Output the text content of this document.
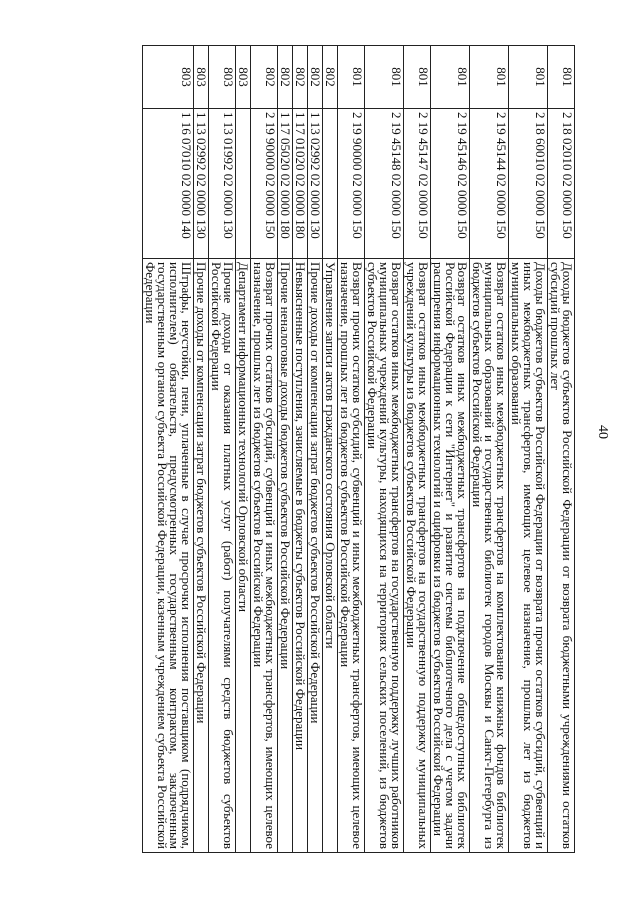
40
801	2 18 02010 02 0000 150	Доходы бюджетов субъектов Российской Федерации от возврата бюджетными учреждениями остатков субсидий прошлых лет
801	2 18 60010 02 0000 150	Доходы бюджетов субъектов Российской Федерации от возврата прочих остатков субсидий, субвенций и иных межбюджетных трансфертов, имеющих целевое назначение, прошлых лет из бюджетов муниципальных образований
801	2 19 45144 02 0000 150	Возврат остатков иных межбюджетных трансфертов на комплектование книжных фондов библиотек муниципальных образований и государственных библиотек городов Москвы и Санкт-Петербурга из бюджетов субъектов Российской Федерации
801	2 19 45146 02 0000 150	Возврат остатков иных межбюджетных трансфертов на подключение общедоступных библиотек Российской Федерации к сети "Интернет" и развитие системы библиотечного дела с учетом задачи расширения информационных технологий и оцифровки из бюджетов субъектов Российской Федерации
801	2 19 45147 02 0000 150	Возврат остатков иных межбюджетных трансфертов на государственную поддержку муниципальных учреждений культуры из бюджетов субъектов Российской Федерации
801	2 19 45148 02 0000 150	Возврат остатков иных межбюджетных трансфертов на государственную поддержку лучших работников муниципальных учреждений культуры, находящихся на территориях сельских поселений, из бюджетов субъектов Российской Федерации
801	2 19 90000 02 0000 150	Возврат прочих остатков субсидий, субвенций и иных межбюджетных трансфертов, имеющих целевое назначение, прошлых лет из бюджетов субъектов Российской Федерации
802		Управление записи актов гражданского состояния Орловской области
802	1 13 02992 02 0000 130	Прочие доходы от компенсации затрат бюджетов субъектов Российской Федерации
802	1 17 01020 02 0000 180	Невыясненные поступления, зачисляемые в бюджеты субъектов Российской Федерации
802	1 17 05020 02 0000 180	Прочие неналоговые доходы бюджетов субъектов Российской Федерации
802	2 19 90000 02 0000 150	Возврат прочих остатков субсидий, субвенций и иных межбюджетных трансфертов, имеющих целевое назначение, прошлых лет из бюджетов субъектов Российской Федерации
803		Департамент информационных технологий Орловской области
803	1 13 01992 02 0000 130	Прочие доходы от оказания платных услуг (работ) получателями средств бюджетов субъектов Российской Федерации
803	1 13 02992 02 0000 130	Прочие доходы от компенсации затрат бюджетов субъектов Российской Федерации
803	1 16 07010 02 0000 140	Штрафы, неустойки, пени, уплаченные в случае просрочки исполнения поставщиком (подрядчиком, исполнителем) обязательств, предусмотренных государственным контрактом, заключенным государственным органом субъекта Российской Федерации, казенным учреждением субъекта Российской Федерации
